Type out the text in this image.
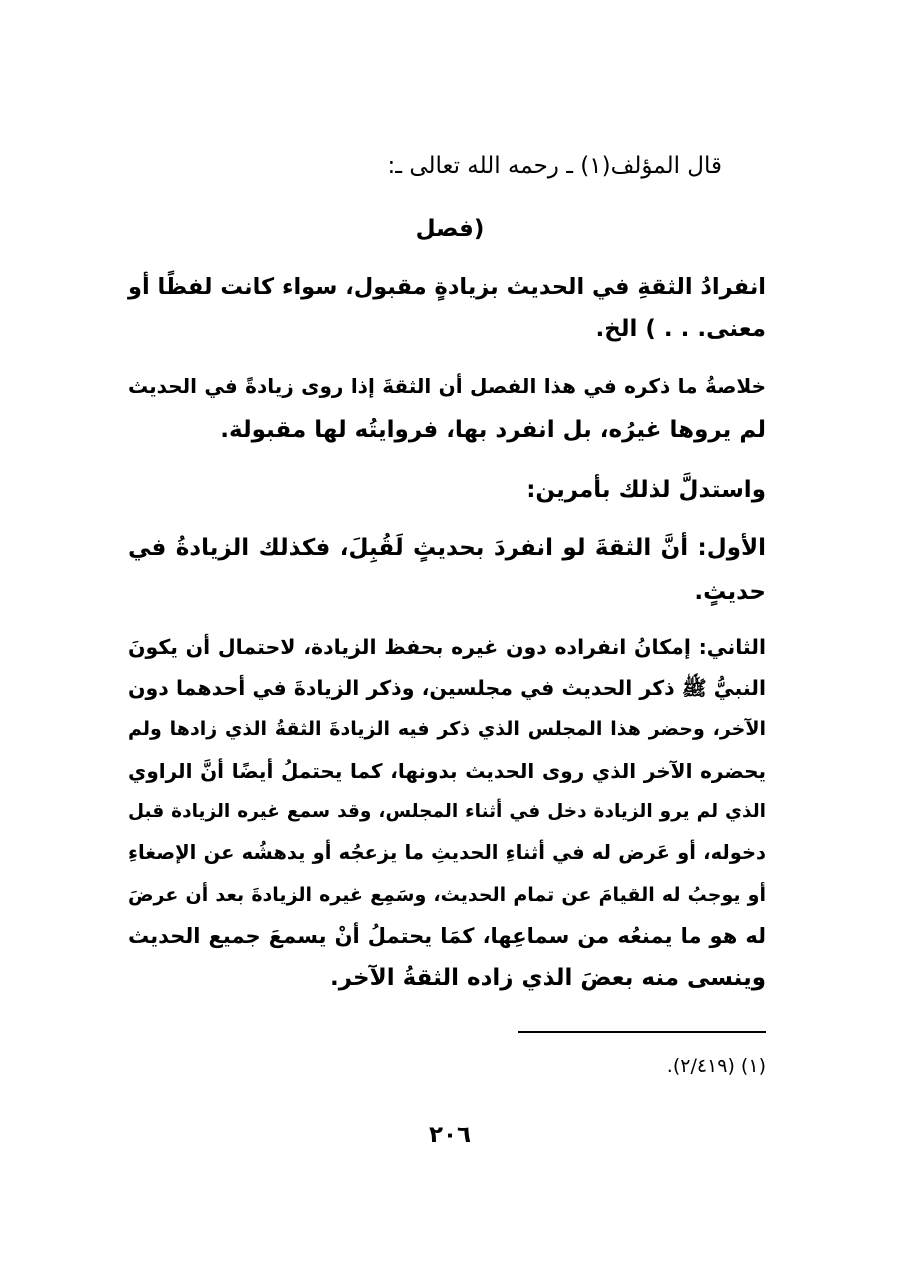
قال المؤلف(١) ـ رحمه الله تعالى ـ:
(فصل
انفرادُ الثقةِ في الحديث بزيادةٍ مقبول، سواء كانت لفظًا أو
معنى. . . ) الخ.
خلاصةُ ما ذكره في هذا الفصل أن الثقةَ إذا روى زيادةً في الحديث
لم يروها غيرُه، بل انفرد بها، فروايتُه لها مقبولة.
واستدلَّ لذلك بأمرين:
الأول: أنَّ الثقةَ لو انفردَ بحديثٍ لَقُبِلَ، فكذلك الزيادةُ في
حديثٍ.
الثاني: إمكانُ انفراده دون غيره بحفظ الزيادة، لاحتمال أن يكونَ
النبيُّ ﷺ ذكر الحديث في مجلسين، وذكر الزيادةَ في أحدهما دون
الآخر، وحضر هذا المجلس الذي ذكر فيه الزيادةَ الثقةُ الذي زادها ولم
يحضره الآخر الذي روى الحديث بدونها، كما يحتملُ أيضًا أنَّ الراوي
الذي لم يرو الزيادة دخل في أثناء المجلس، وقد سمع غيره الزيادة قبل
دخوله، أو عَرض له في أثناءِ الحديثِ ما يزعجُه أو يدهشُه عن الإصغاءِ
أو يوجبُ له القيامَ عن تمام الحديث، وسَمِع غيره الزيادةَ بعد أن عرضَ
له هو ما يمنعُه من سماعِها، كمَا يحتملُ أنْ يسمعَ جميع الحديث
وينسى منه بعضَ الذي زاده الثقةُ الآخر.
(١) (٢/٤١٩).
٢٠٦
